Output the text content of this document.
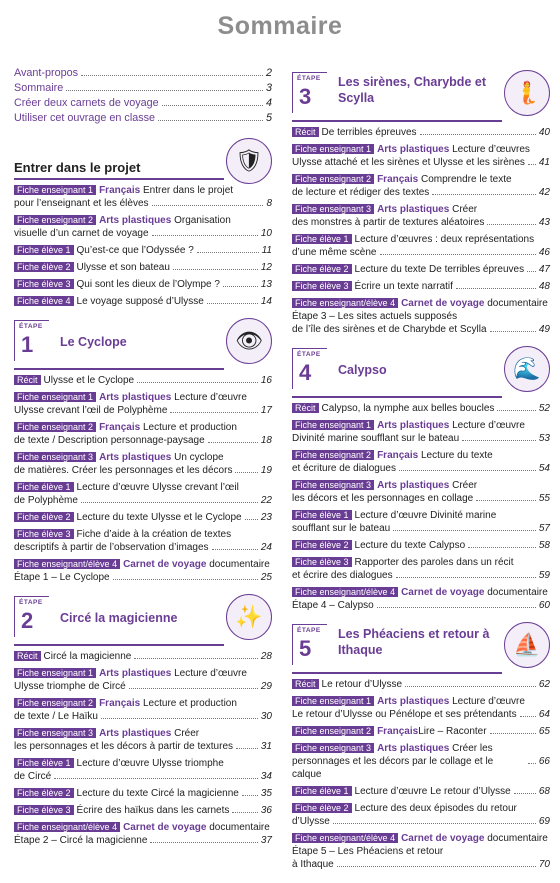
Sommaire
Avant-propos	2
Sommaire	3
Créer deux carnets de voyage	4
Utiliser cet ouvrage en classe	5
Entrer dans le projet	🛡
Fiche enseignant 1 Français Entrer dans le projet
pour l’enseignant et les élèves	8
Fiche enseignant 2 Arts plastiques Organisation
visuelle d’un carnet de voyage	10
Fiche élève 1 Qu’est-ce que l’Odyssée ?	11
Fiche élève 2 Ulysse et son bateau	12
Fiche élève 3 Qui sont les dieux de l’Olympe ?	13
Fiche élève 4 Le voyage supposé d’Ulysse	14
ÉTAPE
1 Le Cyclope	👁
Récit Ulysse et le Cyclope	16
Fiche enseignant 1 Arts plastiques Lecture d’œuvre
Ulysse crevant l’œil de Polyphème	17
Fiche enseignant 2 Français Lecture et production
de texte / Description personnage-paysage	18
Fiche enseignant 3 Arts plastiques Un cyclope
de matières. Créer les personnages et les décors	19
Fiche élève 1 Lecture d’œuvre Ulysse crevant l’œil
de Polyphème	22
Fiche élève 2 Lecture du texte Ulysse et le Cyclope 23
Fiche élève 3 Fiche d’aide à la création de textes
descriptifs à partir de l’observation d’images	24
Fiche enseignant/élève 4 Carnet de voyage documentaire
Étape 1 – Le Cyclope	25
ÉTAPE
2 Circé la magicienne	✨
Récit Circé la magicienne	28
Fiche enseignant 1 Arts plastiques Lecture d’œuvre
Ulysse triomphe de Circé	29
Fiche enseignant 2 Français Lecture et production
de texte / Le Haïku	30
Fiche enseignant 3 Arts plastiques Créer
les personnages et les décors à partir de textures	31
Fiche élève 1 Lecture d’œuvre Ulysse triomphe
de Circé	34
Fiche élève 2 Lecture du texte Circé la magicienne 35
Fiche élève 3 Écrire des haïkus dans les carnets	36
Fiche enseignant/élève 4 Carnet de voyage documentaire
Étape 2 – Circé la magicienne	37
ÉTAPE
3
Les sirènes, Charybde et Scylla	🧜
Récit De terribles épreuves	40
Fiche enseignant 1 Arts plastiques Lecture d’œuvres
Ulysse attaché et les sirènes et Ulysse et les sirènes 41
Fiche enseignant 2 Français Comprendre le texte
de lecture et rédiger des textes	42
Fiche enseignant 3 Arts plastiques Créer
des monstres à partir de textures aléatoires	43
Fiche élève 1 Lecture d’œuvres : deux représentations
d’une même scène	46
Fiche élève 2 Lecture du texte De terribles épreuves 47
Fiche élève 3 Écrire un texte narratif	48
Fiche enseignant/élève 4 Carnet de voyage documentaire Étape 3 – Les sites actuels supposés
de l’île des sirènes et de Charybde et Scylla	49
ÉTAPE
4 Calypso	🌊
Récit Calypso, la nymphe aux belles boucles	52
Fiche enseignant 1 Arts plastiques Lecture d’œuvre
Divinité marine soufflant sur le bateau	53
Fiche enseignant 2 Français Lecture du texte
et écriture de dialogues	54
Fiche enseignant 3 Arts plastiques Créer
les décors et les personnages en collage	55
Fiche élève 1 Lecture d’œuvre Divinité marine
soufflant sur le bateau	57
Fiche élève 2 Lecture du texte Calypso	58
Fiche élève 3 Rapporter des paroles dans un récit
et écrire des dialogues	59
Fiche enseignant/élève 4 Carnet de voyage documentaire
Étape 4 – Calypso	60
ÉTAPE
5
Les Phéaciens et retour à Ithaque	⛵
Récit Le retour d’Ulysse	62
Fiche enseignant 1 Arts plastiques Lecture d’œuvre
Le retour d’Ulysse ou Pénélope et ses prétendants 64
Fiche enseignant 2 Français Lire – Raconter	65
Fiche enseignant 3 Arts plastiques Créer les
personnages et les décors par le collage et le calque
66
Fiche élève 1 Lecture d’œuvre Le retour d’Ulysse	68
Fiche élève 2 Lecture des deux épisodes du retour
d’Ulysse	69
Fiche enseignant/élève 4 Carnet de voyage documentaire Étape 5 – Les Phéaciens et retour
à Ithaque	70
